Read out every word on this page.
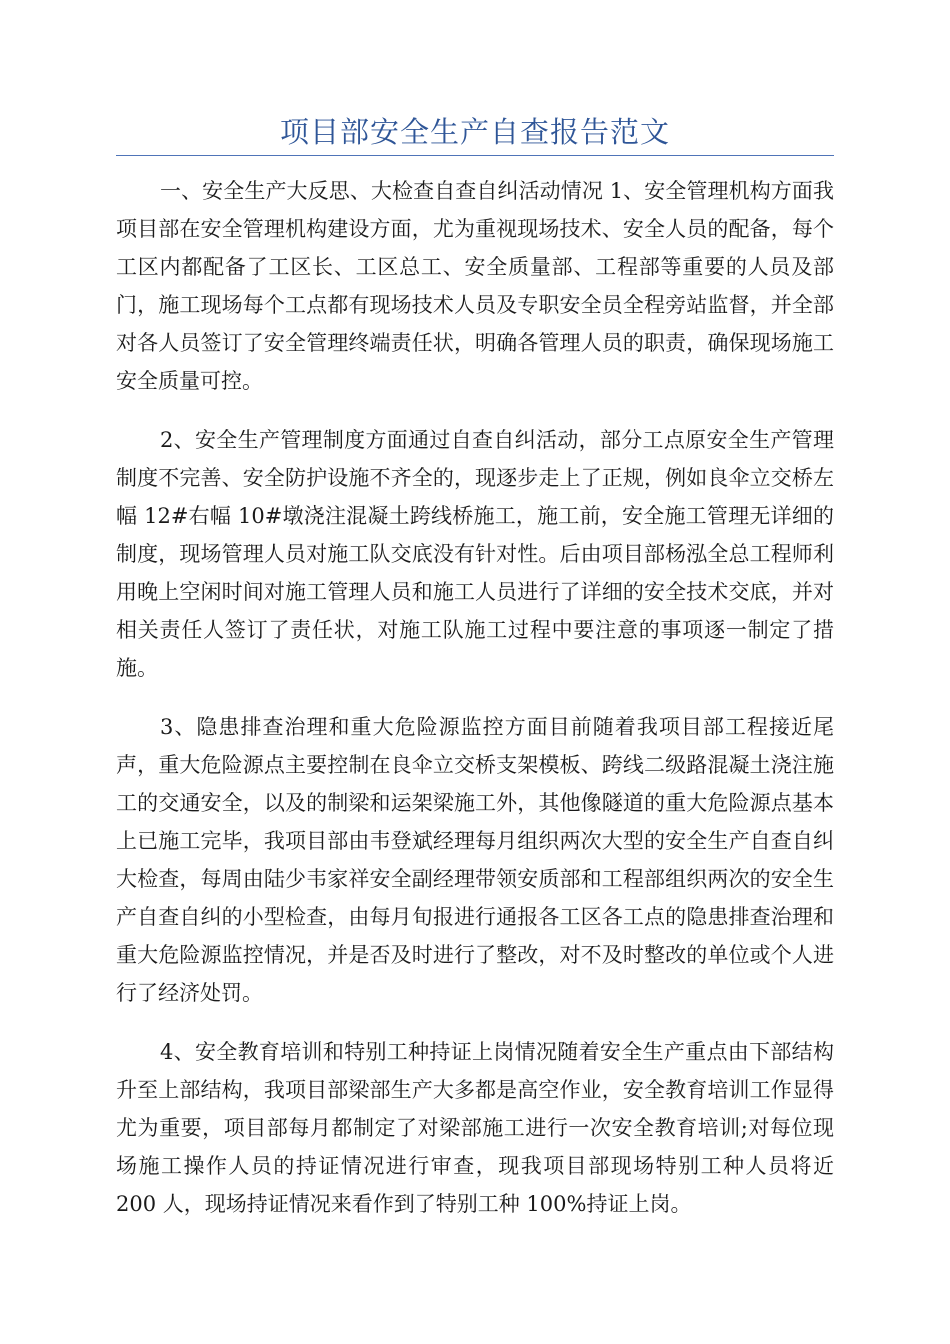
项目部安全生产自查报告范文

一、安全生产大反思、大检查自查自纠活动情况 1、安全管理机构方面我项目部在安全管理机构建设方面，尤为重视现场技术、安全人员的配备，每个工区内都配备了工区长、工区总工、安全质量部、工程部等重要的人员及部门，施工现场每个工点都有现场技术人员及专职安全员全程旁站监督，并全部对各人员签订了安全管理终端责任状，明确各管理人员的职责，确保现场施工安全质量可控。

2、安全生产管理制度方面通过自查自纠活动，部分工点原安全生产管理制度不完善、安全防护设施不齐全的，现逐步走上了正规，例如良伞立交桥左幅 12#右幅 10#墩浇注混凝土跨线桥施工，施工前，安全施工管理无详细的制度，现场管理人员对施工队交底没有针对性。后由项目部杨泓全总工程师利用晚上空闲时间对施工管理人员和施工人员进行了详细的安全技术交底，并对相关责任人签订了责任状，对施工队施工过程中要注意的事项逐一制定了措施。

3、隐患排查治理和重大危险源监控方面目前随着我项目部工程接近尾声，重大危险源点主要控制在良伞立交桥支架模板、跨线二级路混凝土浇注施工的交通安全，以及的制梁和运架梁施工外，其他像隧道的重大危险源点基本上已施工完毕，我项目部由韦登斌经理每月组织两次大型的安全生产自查自纠大检查，每周由陆少韦家祥安全副经理带领安质部和工程部组织两次的安全生产自查自纠的小型检查，由每月旬报进行通报各工区各工点的隐患排查治理和重大危险源监控情况，并是否及时进行了整改，对不及时整改的单位或个人进行了经济处罚。

4、安全教育培训和特别工种持证上岗情况随着安全生产重点由下部结构升至上部结构，我项目部梁部生产大多都是高空作业，安全教育培训工作显得尤为重要，项目部每月都制定了对梁部施工进行一次安全教育培训;对每位现场施工操作人员的持证情况进行审查，现我项目部现场特别工种人员将近 200 人，现场持证情况来看作到了特别工种 100%持证上岗。
